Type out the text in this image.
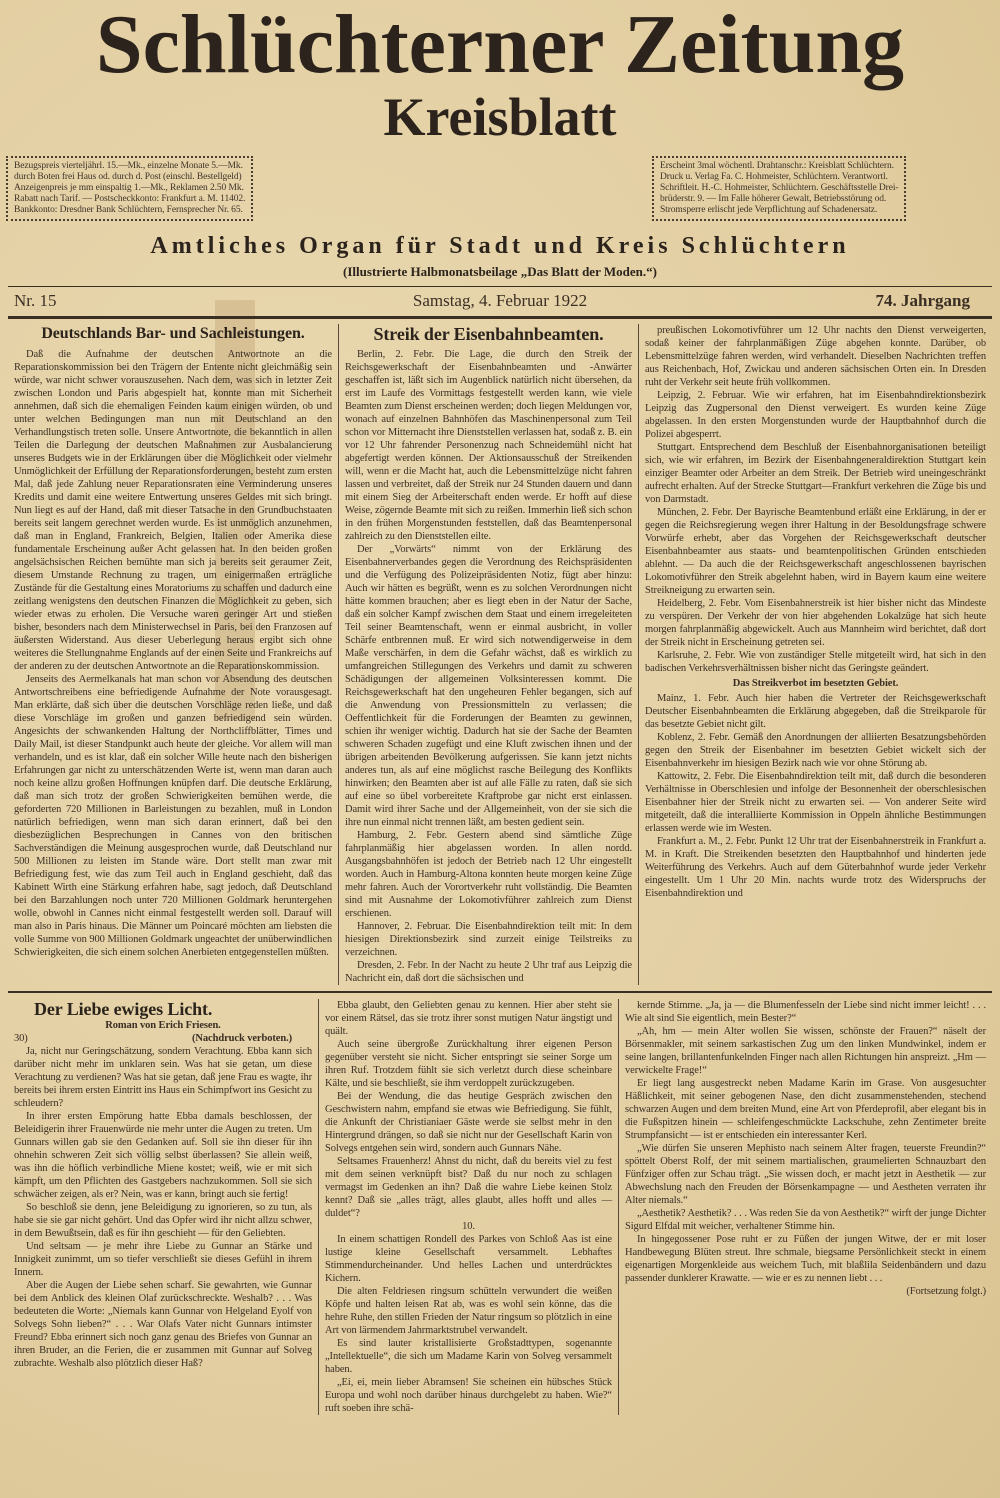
Schlüchterner Zeitung
Kreisblatt
Bezugspreis vierteljährl. 15.—Mk., einzelne Monate 5.—Mk.
durch Boten frei Haus od. durch d. Post (einschl. Bestellgeld)
Anzeigenpreis je mm einspaltig 1.—Mk., Reklamen 2.50 Mk.
Rabatt nach Tarif. — Postscheckkonto: Frankfurt a. M. 11402.
Bankkonto: Dresdner Bank Schlüchtern, Fernsprecher Nr. 65.
Erscheint 3mal wöchentl. Drahtanschr.: Kreisblatt Schlüchtern.
Druck u. Verlag Fa. C. Hohmeister, Schlüchtern. Verantwortl.
Schriftleit. H.-C. Hohmeister, Schlüchtern. Geschäftsstelle Drei-
brüderstr. 9. — Im Falle höherer Gewalt, Betriebsstörung od.
Stromsperre erlischt jede Verpflichtung auf Schadenersatz.
Amtliches Organ für Stadt und Kreis Schlüchtern
(Illustrierte Halbmonatsbeilage „Das Blatt der Moden.“)
Nr. 15	Samstag, 4. Februar 1922	74. Jahrgang
Deutschlands Bar- und Sachleistungen.

Daß die Aufnahme der deutschen Antwortnote an die Reparationskommission bei den Trägern der Entente nicht gleichmäßig sein würde, war nicht schwer vorauszusehen. Nach dem, was sich in letzter Zeit zwischen London und Paris abgespielt hat, konnte man mit Sicherheit annehmen, daß sich die ehemaligen Feinden kaum einigen würden, ob und unter welchen Bedingungen man nun mit Deutschland an den Verhandlungstisch treten solle. Unsere Antwortnote, die bekanntlich in allen Teilen die Darlegung der deutschen Maßnahmen zur Ausbalancierung unseres Budgets wie in der Erklärungen über die Möglichkeit oder vielmehr Unmöglichkeit der Erfüllung der Reparationsforderungen, besteht zum ersten Mal, daß jede Zahlung neuer Reparationsraten eine Verminderung unseres Kredits und damit eine weitere Entwertung unseres Geldes mit sich bringt. Nun liegt es auf der Hand, daß mit dieser Tatsache in den Grundbuchstaaten bereits seit langem gerechnet werden wurde. Es ist unmöglich anzunehmen, daß man in England, Frankreich, Belgien, Italien oder Amerika diese fundamentale Erscheinung außer Acht gelassen hat. In den beiden großen angelsächsischen Reichen bemühte man sich ja bereits seit geraumer Zeit, diesem Umstande Rechnung zu tragen, um einigermaßen erträgliche Zustände für die Gestaltung eines Moratoriums zu schaffen und dadurch eine zeitlang wenigstens den deutschen Finanzen die Möglichkeit zu geben, sich wieder etwas zu erholen. Die Versuche waren geringer Art und stießen bisher, besonders nach dem Ministerwechsel in Paris, bei den Franzosen auf äußersten Widerstand. Aus dieser Ueberlegung heraus ergibt sich ohne weiteres die Stellungnahme Englands auf der einen Seite und Frankreichs auf der anderen zu der deutschen Antwortnote an die Reparationskommission.

Jenseits des Aermelkanals hat man schon vor Absendung des deutschen Antwortschreibens eine befriedigende Aufnahme der Note vorausgesagt. Man erklärte, daß sich über die deutschen Vorschläge reden ließe, und daß diese Vorschläge im großen und ganzen befriedigend sein würden. Angesichts der schwankenden Haltung der Northcliffblätter, Times und Daily Mail, ist dieser Standpunkt auch heute der gleiche. Vor allem will man verhandeln, und es ist klar, daß ein solcher Wille heute nach den bisherigen Erfahrungen gar nicht zu unterschätzenden Werte ist, wenn man daran auch noch keine allzu großen Hoffnungen knüpfen darf. Die deutsche Erklärung, daß man sich trotz der großen Schwierigkeiten bemühen werde, die geforderten 720 Millionen in Barleistungen zu bezahlen, muß in London natürlich befriedigen, wenn man sich daran erinnert, daß bei den diesbezüglichen Besprechungen in Cannes von den britischen Sachverständigen die Meinung ausgesprochen wurde, daß Deutschland nur 500 Millionen zu leisten im Stande wäre. Dort stellt man zwar mit Befriedigung fest, wie das zum Teil auch in England geschieht, daß das Kabinett Wirth eine Stärkung erfahren habe, sagt jedoch, daß Deutschland bei den Barzahlungen noch unter 720 Millionen Goldmark heruntergehen wolle, obwohl in Cannes nicht einmal festgestellt werden soll. Darauf will man also in Paris hinaus. Die Männer um Poincaré möchten am liebsten die volle Summe von 900 Millionen Goldmark ungeachtet der unüberwindlichen Schwierigkeiten, die sich einem solchen Anerbieten entgegenstellen müßten.

Streik der Eisenbahnbeamten.

Berlin, 2. Febr. Die Lage, die durch den Streik der Reichsgewerkschaft der Eisenbahnbeamten und -Anwärter geschaffen ist, läßt sich im Augenblick natürlich nicht übersehen, da erst im Laufe des Vormittags festgestellt werden kann, wie viele Beamten zum Dienst erscheinen werden; doch liegen Meldungen vor, wonach auf einzelnen Bahnhöfen das Maschinenpersonal zum Teil schon vor Mitternacht ihre Dienststellen verlassen hat, sodaß z. B. ein vor 12 Uhr fahrender Personenzug nach Schneidemühl nicht hat abgefertigt werden können. Der Aktionsausschuß der Streikenden will, wenn er die Macht hat, auch die Lebensmittelzüge nicht fahren lassen und verbreitet, daß der Streik nur 24 Stunden dauern und dann mit einem Sieg der Arbeiterschaft enden werde. Er hofft auf diese Weise, zögernde Beamte mit sich zu reißen. Immerhin ließ sich schon in den frühen Morgenstunden feststellen, daß das Beamtenpersonal zahlreich zu den Dienststellen eilte.

Der „Vorwärts“ nimmt von der Erklärung des Eisenbahnerverbandes gegen die Verordnung des Reichspräsidenten und die Verfügung des Polizeipräsidenten Notiz, fügt aber hinzu: Auch wir hätten es begrüßt, wenn es zu solchen Verordnungen nicht hätte kommen brauchen; aber es liegt eben in der Natur der Sache, daß ein solcher Kampf zwischen dem Staat und einem irregeleiteten Teil seiner Beamtenschaft, wenn er einmal ausbricht, in voller Schärfe entbrennen muß. Er wird sich notwendigerweise in dem Maße verschärfen, in dem die Gefahr wächst, daß es wirklich zu umfangreichen Stillegungen des Verkehrs und damit zu schweren Schädigungen der allgemeinen Volksinteressen kommt. Die Reichsgewerkschaft hat den ungeheuren Fehler begangen, sich auf die Anwendung von Pressionsmitteln zu verlassen; die Oeffentlichkeit für die Forderungen der Beamten zu gewinnen, schien ihr weniger wichtig. Dadurch hat sie der Sache der Beamten schweren Schaden zugefügt und eine Kluft zwischen ihnen und der übrigen arbeitenden Bevölkerung aufgerissen. Sie kann jetzt nichts anderes tun, als auf eine möglichst rasche Beilegung des Konflikts hinwirken; den Beamten aber ist auf alle Fälle zu raten, daß sie sich auf eine so übel vorbereitete Kraftprobe gar nicht erst einlassen. Damit wird ihrer Sache und der Allgemeinheit, von der sie sich die ihre nun einmal nicht trennen läßt, am besten gedient sein.

Hamburg, 2. Febr. Gestern abend sind sämtliche Züge fahrplanmäßig hier abgelassen worden. In allen nordd. Ausgangsbahnhöfen ist jedoch der Betrieb nach 12 Uhr eingestellt worden. Auch in Hamburg-Altona konnten heute morgen keine Züge mehr fahren. Auch der Vorortverkehr ruht vollständig. Die Beamten sind mit Ausnahme der Lokomotivführer zahlreich zum Dienst erschienen.

Hannover, 2. Februar. Die Eisenbahndirektion teilt mit: In dem hiesigen Direktionsbezirk sind zurzeit einige Teilstreiks zu verzeichnen.

Dresden, 2. Febr. In der Nacht zu heute 2 Uhr traf aus Leipzig die Nachricht ein, daß dort die sächsischen und

preußischen Lokomotivführer um 12 Uhr nachts den Dienst verweigerten, sodaß keiner der fahrplanmäßigen Züge abgehen konnte. Darüber, ob Lebensmittelzüge fahren werden, wird verhandelt. Dieselben Nachrichten treffen aus Reichenbach, Hof, Zwickau und anderen sächsischen Orten ein. In Dresden ruht der Verkehr seit heute früh vollkommen.

Leipzig, 2. Februar. Wie wir erfahren, hat im Eisenbahndirektionsbezirk Leipzig das Zugpersonal den Dienst verweigert. Es wurden keine Züge abgelassen. In den ersten Morgenstunden wurde der Hauptbahnhof durch die Polizei abgesperrt.

Stuttgart. Entsprechend dem Beschluß der Eisenbahnorganisationen beteiligt sich, wie wir erfahren, im Bezirk der Eisenbahngeneraldirektion Stuttgart kein einziger Beamter oder Arbeiter an dem Streik. Der Betrieb wird uneingeschränkt aufrecht erhalten. Auf der Strecke Stuttgart—Frankfurt verkehren die Züge bis und von Darmstadt.

München, 2. Febr. Der Bayrische Beamtenbund erläßt eine Erklärung, in der er gegen die Reichsregierung wegen ihrer Haltung in der Besoldungsfrage schwere Vorwürfe erhebt, aber das Vorgehen der Reichsgewerkschaft deutscher Eisenbahnbeamter aus staats- und beamtenpolitischen Gründen entschieden ablehnt. — Da auch die der Reichsgewerkschaft angeschlossenen bayrischen Lokomotivführer den Streik abgelehnt haben, wird in Bayern kaum eine weitere Streikneigung zu erwarten sein.

Heidelberg, 2. Febr. Vom Eisenbahnerstreik ist hier bisher nicht das Mindeste zu verspüren. Der Verkehr der von hier abgehenden Lokalzüge hat sich heute morgen fahrplanmäßig abgewickelt. Auch aus Mannheim wird berichtet, daß dort der Streik nicht in Erscheinung getreten sei.

Karlsruhe, 2. Febr. Wie von zuständiger Stelle mitgeteilt wird, hat sich in den badischen Verkehrsverhältnissen bisher nicht das Geringste geändert.

Das Streikverbot im besetzten Gebiet.

Mainz, 1. Febr. Auch hier haben die Vertreter der Reichsgewerkschaft Deutscher Eisenbahnbeamten die Erklärung abgegeben, daß die Streikparole für das besetzte Gebiet nicht gilt.

Koblenz, 2. Febr. Gemäß den Anordnungen der alliierten Besatzungsbehörden gegen den Streik der Eisenbahner im besetzten Gebiet wickelt sich der Eisenbahnverkehr im hiesigen Bezirk nach wie vor ohne Störung ab.

Kattowitz, 2. Febr. Die Eisenbahndirektion teilt mit, daß durch die besonderen Verhältnisse in Oberschlesien und infolge der Besonnenheit der oberschlesischen Eisenbahner hier der Streik nicht zu erwarten sei. — Von anderer Seite wird mitgeteilt, daß die interalliierte Kommission in Oppeln ähnliche Bestimmungen erlassen werde wie im Westen.

Frankfurt a. M., 2. Febr. Punkt 12 Uhr trat der Eisenbahnerstreik in Frankfurt a. M. in Kraft. Die Streikenden besetzten den Hauptbahnhof und hinderten jede Weiterführung des Verkehrs. Auch auf dem Güterbahnhof wurde jeder Verkehr eingestellt. Um 1 Uhr 20 Min. nachts wurde trotz des Widerspruchs der Eisenbahndirektion und

Der Liebe ewiges Licht.
Roman von Erich Friesen.
30)	(Nachdruck verboten.)

Ja, nicht nur Geringschätzung, sondern Verachtung. Ebba kann sich darüber nicht mehr im unklaren sein. Was hat sie getan, um diese Verachtung zu verdienen? Was hat sie getan, daß jene Frau es wagte, ihr bereits bei ihrem ersten Eintritt ins Haus ein Schimpfwort ins Gesicht zu schleudern?

In ihrer ersten Empörung hatte Ebba damals beschlossen, der Beleidigerin ihrer Frauenwürde nie mehr unter die Augen zu treten. Um Gunnars willen gab sie den Gedanken auf. Soll sie ihn dieser für ihn ohnehin schweren Zeit sich völlig selbst überlassen? Sie allein weiß, was ihn die höflich verbindliche Miene kostet; weiß, wie er mit sich kämpft, um den Pflichten des Gastgebers nachzukommen. Soll sie sich schwächer zeigen, als er? Nein, was er kann, bringt auch sie fertig!

So beschloß sie denn, jene Beleidigung zu ignorieren, so zu tun, als habe sie sie gar nicht gehört. Und das Opfer wird ihr nicht allzu schwer, in dem Bewußtsein, daß es für ihn geschieht — für den Geliebten.

Und seltsam — je mehr ihre Liebe zu Gunnar an Stärke und Innigkeit zunimmt, um so tiefer verschließt sie dieses Gefühl in ihrem Innern.

Aber die Augen der Liebe sehen scharf. Sie gewahrten, wie Gunnar bei dem Anblick des kleinen Olaf zurückschreckte. Weshalb? . . . Was bedeuteten die Worte: „Niemals kann Gunnar von Helgeland Eyolf von Solvegs Sohn lieben?“ . . . War Olafs Vater nicht Gunnars intimster Freund? Ebba erinnert sich noch ganz genau des Briefes von Gunnar an ihren Bruder, an die Ferien, die er zusammen mit Gunnar auf Solveg zubrachte. Weshalb also plötzlich dieser Haß?

Ebba glaubt, den Geliebten genau zu kennen. Hier aber steht sie vor einem Rätsel, das sie trotz ihrer sonst mutigen Natur ängstigt und quält.

Auch seine übergroße Zurückhaltung ihrer eigenen Person gegenüber versteht sie nicht. Sicher entspringt sie seiner Sorge um ihren Ruf. Trotzdem fühlt sie sich verletzt durch diese scheinbare Kälte, und sie beschließt, sie ihm verdoppelt zurückzugeben.

Bei der Wendung, die das heutige Gespräch zwischen den Geschwistern nahm, empfand sie etwas wie Befriedigung. Sie fühlt, die Ankunft der Christianiaer Gäste werde sie selbst mehr in den Hintergrund drängen, so daß sie nicht nur der Gesellschaft Karin von Solvegs entgehen sein wird, sondern auch Gunnars Nähe.

Seltsames Frauenherz! Ahnst du nicht, daß du bereits viel zu fest mit dem seinen verknüpft bist? Daß du nur noch zu schlagen vermagst im Gedenken an ihn? Daß die wahre Liebe keinen Stolz kennt? Daß sie „alles trägt, alles glaubt, alles hofft und alles — duldet“?

10.

In einem schattigen Rondell des Parkes von Schloß Aas ist eine lustige kleine Gesellschaft versammelt. Lebhaftes Stimmendurcheinander. Und helles Lachen und unterdrücktes Kichern.

Die alten Feldriesen ringsum schütteln verwundert die weißen Köpfe und halten leisen Rat ab, was es wohl sein könne, das die hehre Ruhe, den stillen Frieden der Natur ringsum so plötzlich in eine Art von lärmendem Jahrmarktstrubel verwandelt.

Es sind lauter kristallisierte Großstadttypen, sogenannte „Intellektuelle“, die sich um Madame Karin von Solveg versammelt haben.

„Ei, ei, mein lieber Abramsen! Sie scheinen ein hübsches Stück Europa und wohl noch darüber hinaus durchgelebt zu haben. Wie?“ ruft soeben ihre schä-

kernde Stimme. „Ja, ja — die Blumenfesseln der Liebe sind nicht immer leicht! . . . Wie alt sind Sie eigentlich, mein Bester?“

„Ah, hm — mein Alter wollen Sie wissen, schönste der Frauen?“ näselt der Börsenmakler, mit seinem sarkastischen Zug um den linken Mundwinkel, indem er seine langen, brillantenfunkelnden Finger nach allen Richtungen hin anspreizt. „Hm — verwickelte Frage!“

Er liegt lang ausgestreckt neben Madame Karin im Grase. Von ausgesuchter Häßlichkeit, mit seiner gebogenen Nase, den dicht zusammenstehenden, stechend schwarzen Augen und dem breiten Mund, eine Art von Pferdeprofil, aber elegant bis in die Fußspitzen hinein — schleifengeschmückte Lackschuhe, zehn Zentimeter breite Strumpfansicht — ist er entschieden ein interessanter Kerl.

„Wie dürfen Sie unseren Mephisto nach seinem Alter fragen, teuerste Freundin?“ spöttelt Oberst Rolf, der mit seinem martialischen, graumelierten Schnauzbart den Fünfziger offen zur Schau trägt. „Sie wissen doch, er macht jetzt in Aesthetik — zur Abwechslung nach den Freuden der Börsenkampagne — und Aestheten verraten ihr Alter niemals.“

„Aesthetik? Aesthetik? . . . Was reden Sie da von Aesthetik?“ wirft der junge Dichter Sigurd Elfdal mit weicher, verhaltener Stimme hin.

In hingegossener Pose ruht er zu Füßen der jungen Witwe, der er mit loser Handbewegung Blüten streut. Ihre schmale, biegsame Persönlichkeit steckt in einem eigenartigen Morgenkleide aus weichem Tuch, mit blaßlila Seidenbändern und dazu passender dunklerer Krawatte. — wie er es zu nennen liebt . . .

(Fortsetzung folgt.)
